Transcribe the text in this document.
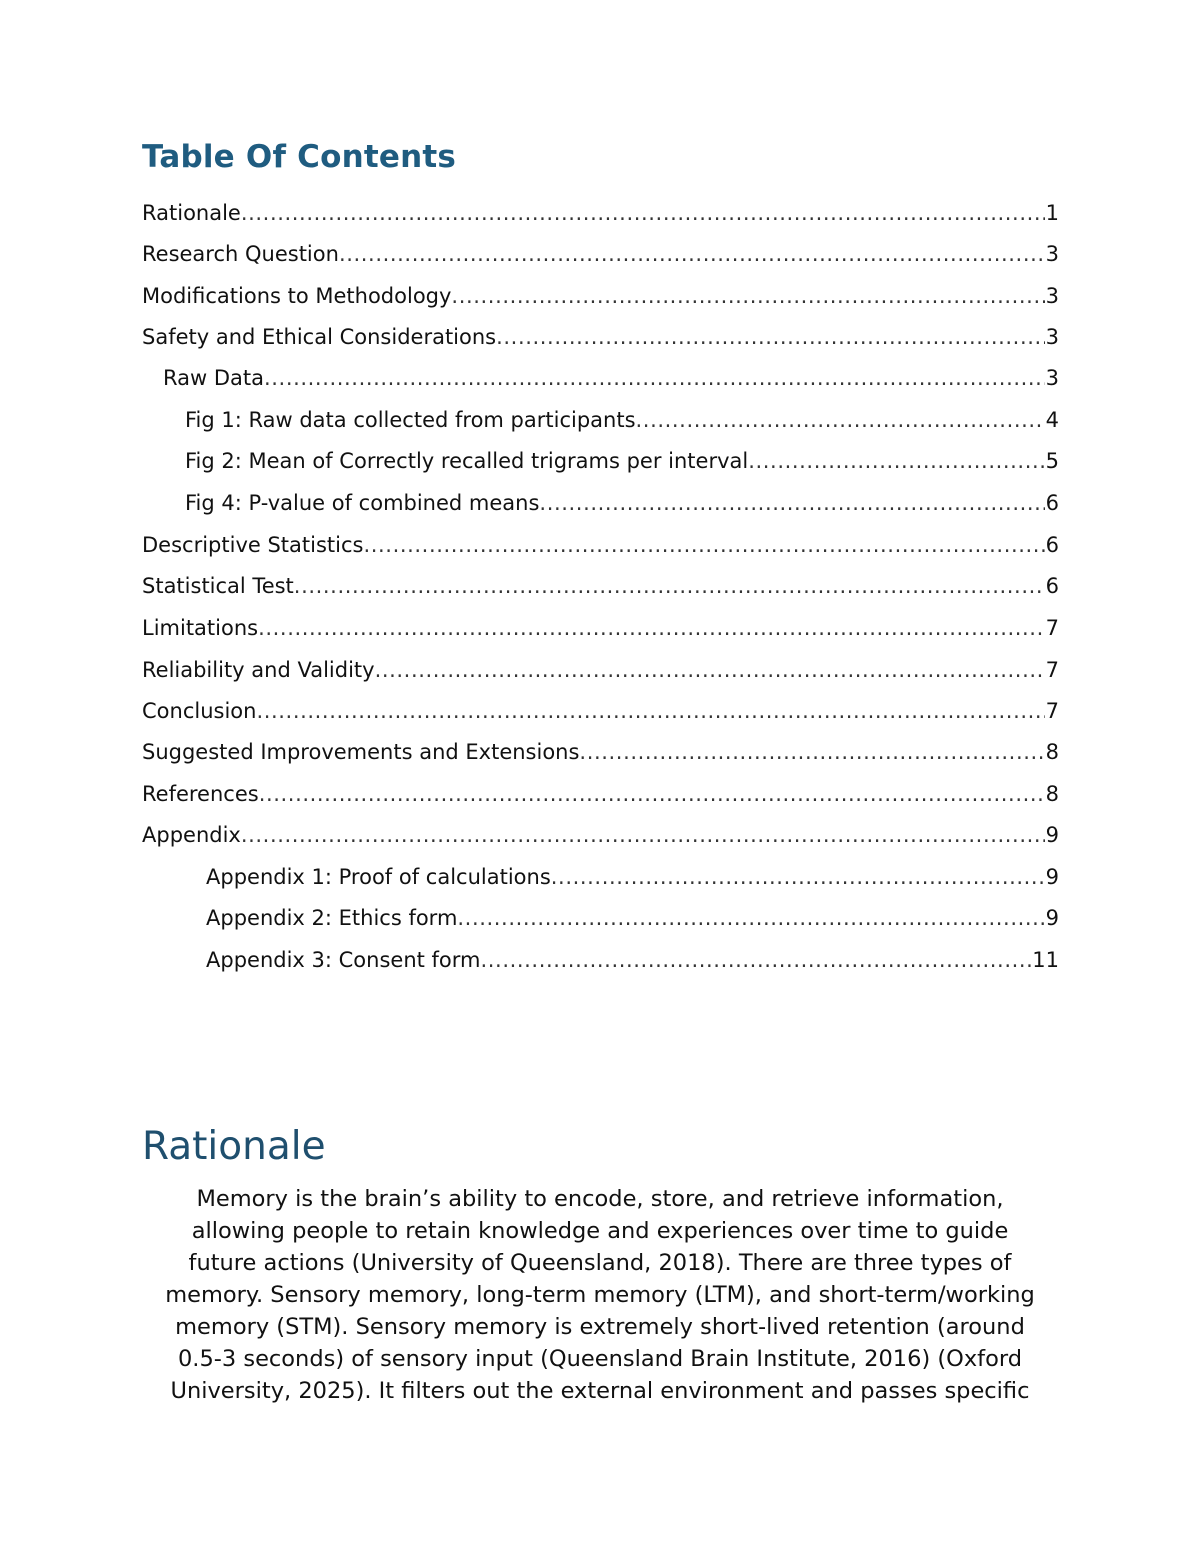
Table Of Contents
Rationale .....	1
Research Question .....	3
Modifications to Methodology .....	3
Safety and Ethical Considerations .....	3
Raw Data .....	3
Fig 1: Raw data collected from participants .....	4
Fig 2: Mean of Correctly recalled trigrams per interval .....	5
Fig 4: P-value of combined means .....	6
Descriptive Statistics .....	6
Statistical Test .....	6
Limitations .....	7
Reliability and Validity .....	7
Conclusion .....	7
Suggested Improvements and Extensions .....	8
References .....	8
Appendix .....	9
Appendix 1: Proof of calculations .....	9
Appendix 2: Ethics form .....	9
Appendix 3: Consent form .....	11
Rationale
Memory is the brain’s ability to encode, store, and retrieve information,
allowing people to retain knowledge and experiences over time to guide
future actions (University of Queensland, 2018). There are three types of
memory. Sensory memory, long-term memory (LTM), and short-term/working
memory (STM). Sensory memory is extremely short-lived retention (around
0.5-3 seconds) of sensory input (Queensland Brain Institute, 2016) (Oxford
University, 2025). It filters out the external environment and passes specific
